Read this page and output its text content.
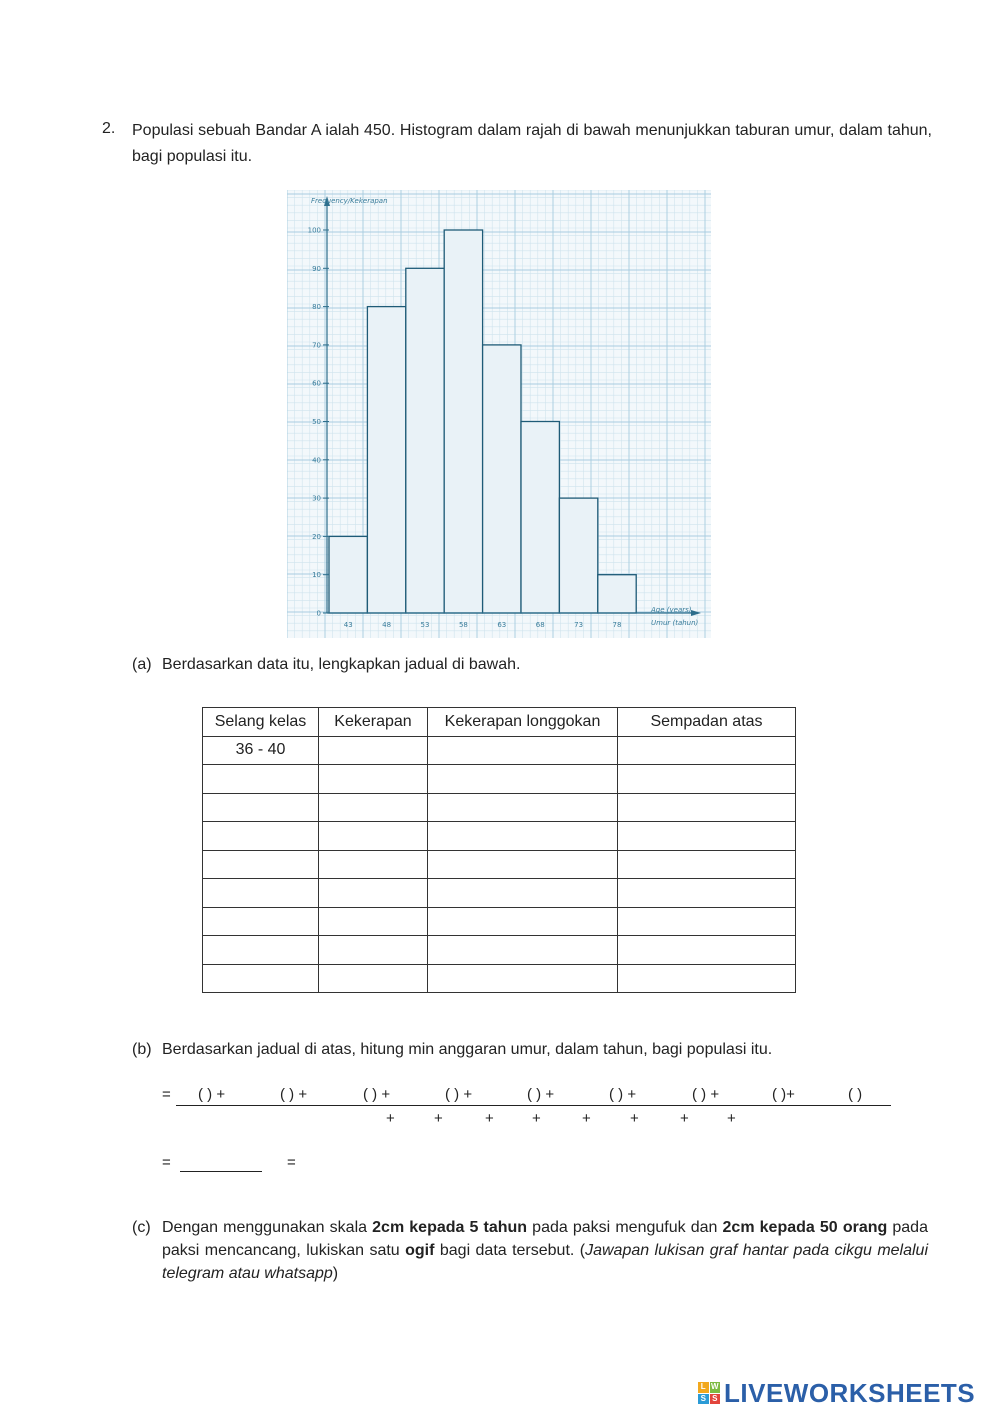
2. Populasi sebuah Bandar A ialah 450. Histogram dalam rajah di bawah menunjukkan taburan umur, dalam tahun, bagi populasi itu.
0
10
20
30
40
50
60
70
80
90
100
43	48	53	58	63	68	73	78
Frequency/Kekerapan
Age (years)
Umur (tahun)
(a) Berdasarkan data itu, lengkapkan jadual di bawah.
Selang kelas	Kekerapan	Kekerapan longgokan	Sempadan atas
36 - 40			

(b) Berdasarkan jadual di atas, hitung min anggaran umur, dalam tahun, bagi populasi itu.
= ( ) +	( ) +	( ) +	( ) +	( ) +	( ) +	( ) +	( )+	( )
+	+	+	+	+	+	+	+
=	=
(c) Dengan menggunakan skala 2cm kepada 5 tahun pada paksi mengufuk dan 2cm kepada 50 orang pada paksi mencancang, lukiskan satu ogif bagi data tersebut. (Jawapan lukisan graf hantar pada cikgu melalui telegram atau whatsapp)
L W
S S LIVEWORKSHEETS
